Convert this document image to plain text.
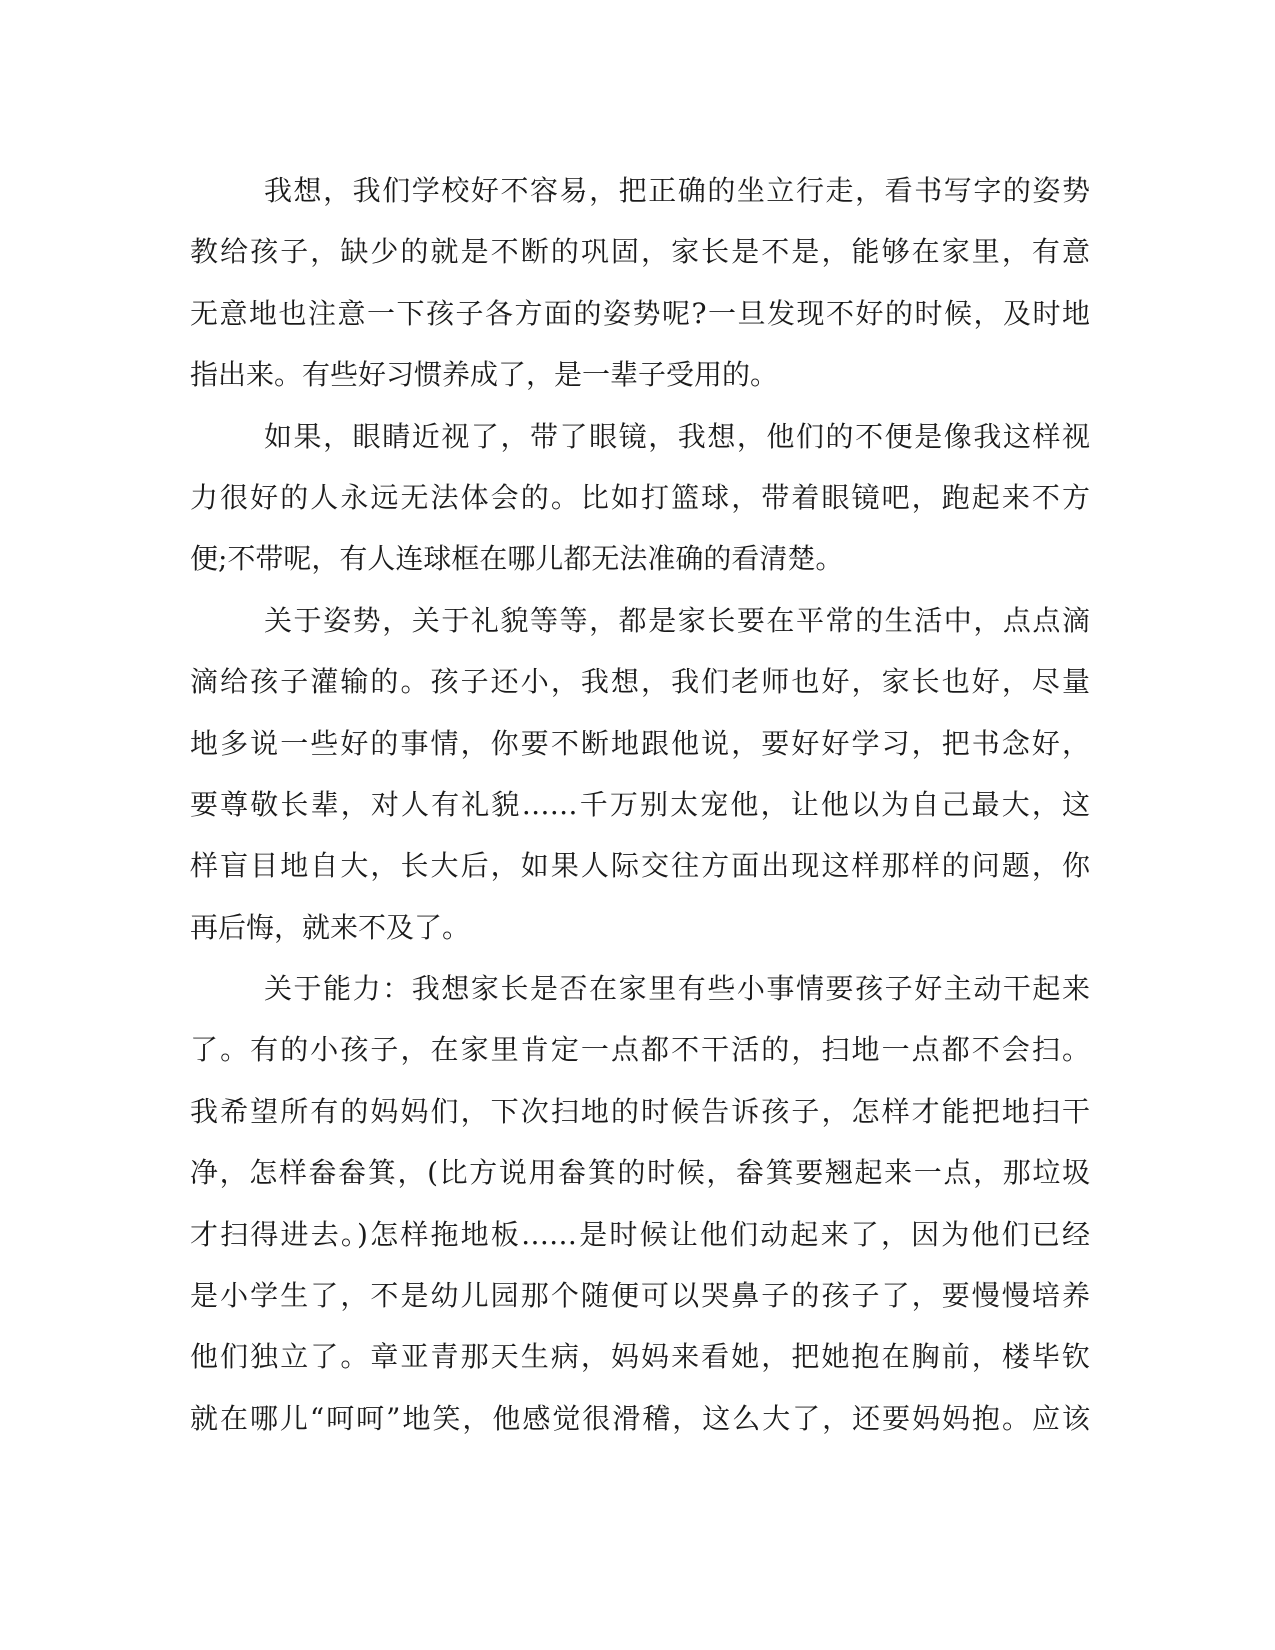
我想，我们学校好不容易，把正确的坐立行走，看书写字的姿势
教给孩子，缺少的就是不断的巩固，家长是不是，能够在家里，有意
无意地也注意一下孩子各方面的姿势呢?一旦发现不好的时候，及时地
指出来。有些好习惯养成了，是一辈子受用的。
如果，眼睛近视了，带了眼镜，我想，他们的不便是像我这样视
力很好的人永远无法体会的。比如打篮球，带着眼镜吧，跑起来不方
便;不带呢，有人连球框在哪儿都无法准确的看清楚。
关于姿势，关于礼貌等等，都是家长要在平常的生活中，点点滴
滴给孩子灌输的。孩子还小，我想，我们老师也好，家长也好，尽量
地多说一些好的事情，你要不断地跟他说，要好好学习，把书念好，
要尊敬长辈，对人有礼貌……千万别太宠他，让他以为自己最大，这
样盲目地自大，长大后，如果人际交往方面出现这样那样的问题，你
再后悔，就来不及了。
关于能力：我想家长是否在家里有些小事情要孩子好主动干起来
了。有的小孩子，在家里肯定一点都不干活的，扫地一点都不会扫。
我希望所有的妈妈们，下次扫地的时候告诉孩子，怎样才能把地扫干
净，怎样畚畚箕，(比方说用畚箕的时候，畚箕要翘起来一点，那垃圾
才扫得进去。)怎样拖地板……是时候让他们动起来了，因为他们已经
是小学生了，不是幼儿园那个随便可以哭鼻子的孩子了，要慢慢培养
他们独立了。章亚青那天生病，妈妈来看她，把她抱在胸前，楼毕钦
就在哪儿“呵呵”地笑，他感觉很滑稽，这么大了，还要妈妈抱。应该
